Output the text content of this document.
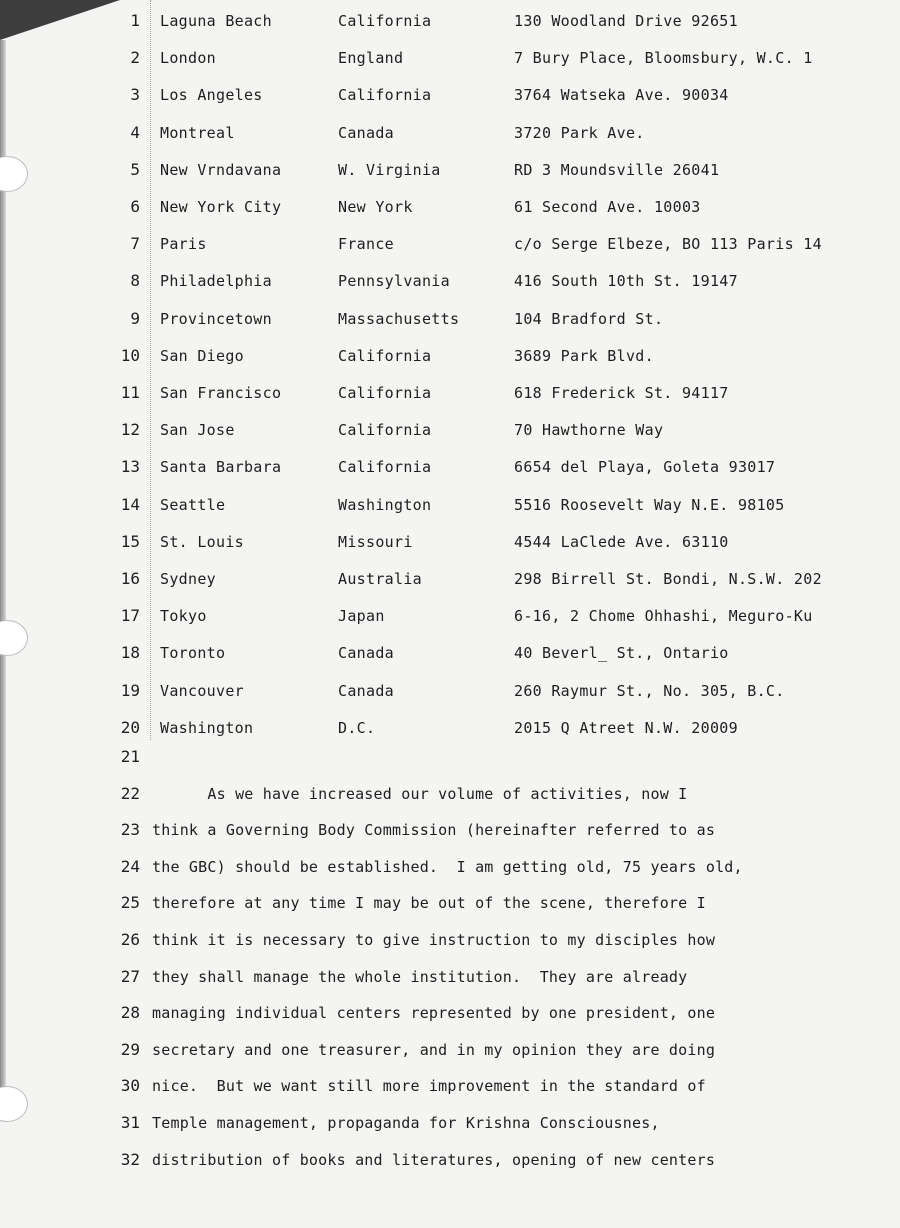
1 Laguna Beach	California	130 Woodland Drive 92651
2 London	England	7 Bury Place, Bloomsbury, W.C. 1
3 Los Angeles	California	3764 Watseka Ave. 90034
4 Montreal	Canada	3720 Park Ave.
5 New Vrndavana	W. Virginia	RD 3 Moundsville 26041
6 New York City	New York	61 Second Ave. 10003
7 Paris	France	c/o Serge Elbeze, BO 113 Paris 14
8 Philadelphia	Pennsylvania	416 South 10th St. 19147
9 Provincetown	Massachusetts	104 Bradford St.
10 San Diego	California	3689 Park Blvd.
11 San Francisco	California	618 Frederick St. 94117
12 San Jose	California	70 Hawthorne Way
13 Santa Barbara	California	6654 del Playa, Goleta 93017
14 Seattle	Washington	5516 Roosevelt Way N.E. 98105
15 St. Louis	Missouri	4544 LaClede Ave. 63110
16 Sydney	Australia	298 Birrell St. Bondi, N.S.W. 202
17 Tokyo	Japan	6-16, 2 Chome Ohhashi, Meguro-Ku
18 Toronto	Canada	40 Beverl_ St., Ontario
19 Vancouver	Canada	260 Raymur St., No. 305, B.C.
20 Washington	D.C.	2015 Q Atreet N.W. 20009
21
22 As we have increased our volume of activities, now I
23 think a Governing Body Commission (hereinafter referred to as
24 the GBC) should be established.  I am getting old, 75 years old,
25 therefore at any time I may be out of the scene, therefore I
26 think it is necessary to give instruction to my disciples how
27 they shall manage the whole institution.  They are already
28 managing individual centers represented by one president, one
29 secretary and one treasurer, and in my opinion they are doing
30 nice.  But we want still more improvement in the standard of
31 Temple management, propaganda for Krishna Consciousnes,
32 distribution of books and literatures, opening of new centers
